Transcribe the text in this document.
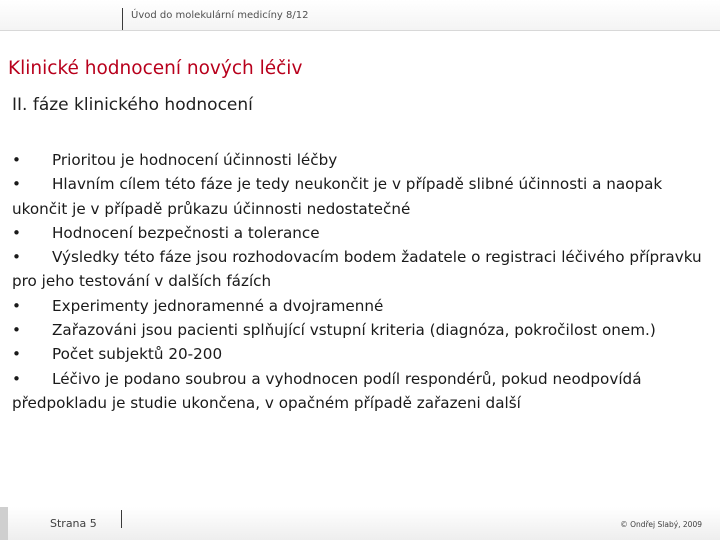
Úvod do molekulární medicíny 8/12
Klinické hodnocení nových léčiv
II. fáze klinického hodnocení

• Prioritou je hodnocení účinnosti léčby

• Hlavním cílem této fáze je tedy neukončit je v případě slibné účinnosti a naopak ukončit je v případě průkazu účinnosti nedostatečné

• Hodnocení bezpečnosti a tolerance

• Výsledky této fáze jsou rozhodovacím bodem žadatele o registraci léčivého přípravku pro jeho testování v dalších fázích

• Experimenty jednoramenné a dvojramenné

• Zařazováni jsou pacienti splňující vstupní kriteria (diagnóza, pokročilost onem.)

• Počet subjektů 20-200

• Léčivo je podano soubrou a vyhodnocen podíl respondérů, pokud neodpovídá předpokladu je studie ukončena, v opačném případě zařazeni další

Strana 5	© Ondřej Slabý, 2009
